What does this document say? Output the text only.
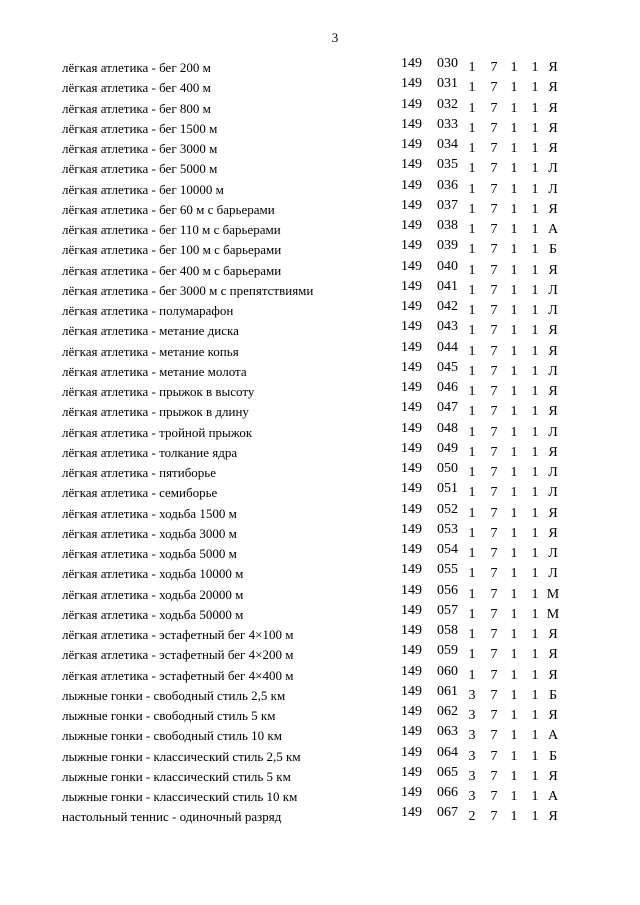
3
лёгкая атлетика - бег 200 м	149 030 1 7 1 1 Я
лёгкая атлетика - бег 400 м	149 031 1 7 1 1 Я
лёгкая атлетика - бег 800 м	149 032 1 7 1 1 Я
лёгкая атлетика - бег 1500 м	149 033 1 7 1 1 Я
лёгкая атлетика - бег 3000 м	149 034 1 7 1 1 Я
лёгкая атлетика - бег 5000 м	149 035 1 7 1 1 Л
лёгкая атлетика - бег 10000 м	149 036 1 7 1 1 Л
лёгкая атлетика - бег 60 м с барьерами	149 037 1 7 1 1 Я
лёгкая атлетика - бег 110 м с барьерами	149 038 1 7 1 1 А
лёгкая атлетика - бег 100 м с барьерами	149 039 1 7 1 1 Б
лёгкая атлетика - бег 400 м с барьерами	149 040 1 7 1 1 Я
лёгкая атлетика - бег 3000 м с препятствиями	149 041 1 7 1 1 Л
лёгкая атлетика - полумарафон	149 042 1 7 1 1 Л
лёгкая атлетика - метание диска	149 043 1 7 1 1 Я
лёгкая атлетика - метание копья	149 044 1 7 1 1 Я
лёгкая атлетика - метание молота	149 045 1 7 1 1 Л
лёгкая атлетика - прыжок в высоту	149 046 1 7 1 1 Я
лёгкая атлетика - прыжок в длину	149 047 1 7 1 1 Я
лёгкая атлетика - тройной прыжок	149 048 1 7 1 1 Л
лёгкая атлетика - толкание ядра	149 049 1 7 1 1 Я
лёгкая атлетика - пятиборье	149 050 1 7 1 1 Л
лёгкая атлетика - семиборье	149 051 1 7 1 1 Л
лёгкая атлетика - ходьба 1500 м	149 052 1 7 1 1 Я
лёгкая атлетика - ходьба 3000 м	149 053 1 7 1 1 Я
лёгкая атлетика - ходьба 5000 м	149 054 1 7 1 1 Л
лёгкая атлетика - ходьба 10000 м	149 055 1 7 1 1 Л
лёгкая атлетика - ходьба 20000 м	149 056 1 7 1 1 М
лёгкая атлетика - ходьба 50000 м	149 057 1 7 1 1 М
лёгкая атлетика - эстафетный бег 4×100 м	149 058 1 7 1 1 Я
лёгкая атлетика - эстафетный бег 4×200 м	149 059 1 7 1 1 Я
лёгкая атлетика - эстафетный бег 4×400 м	149 060 1 7 1 1 Я
лыжные гонки - свободный стиль 2,5 км	149 061 3 7 1 1 Б
лыжные гонки - свободный стиль 5 км	149 062 3 7 1 1 Я
лыжные гонки - свободный стиль 10 км	149 063 3 7 1 1 А
лыжные гонки - классический стиль 2,5 км	149 064 3 7 1 1 Б
лыжные гонки - классический стиль 5 км	149 065 3 7 1 1 Я
лыжные гонки - классический стиль 10 км	149 066 3 7 1 1 А
настольный теннис - одиночный разряд	149 067 2 7 1 1 Я
